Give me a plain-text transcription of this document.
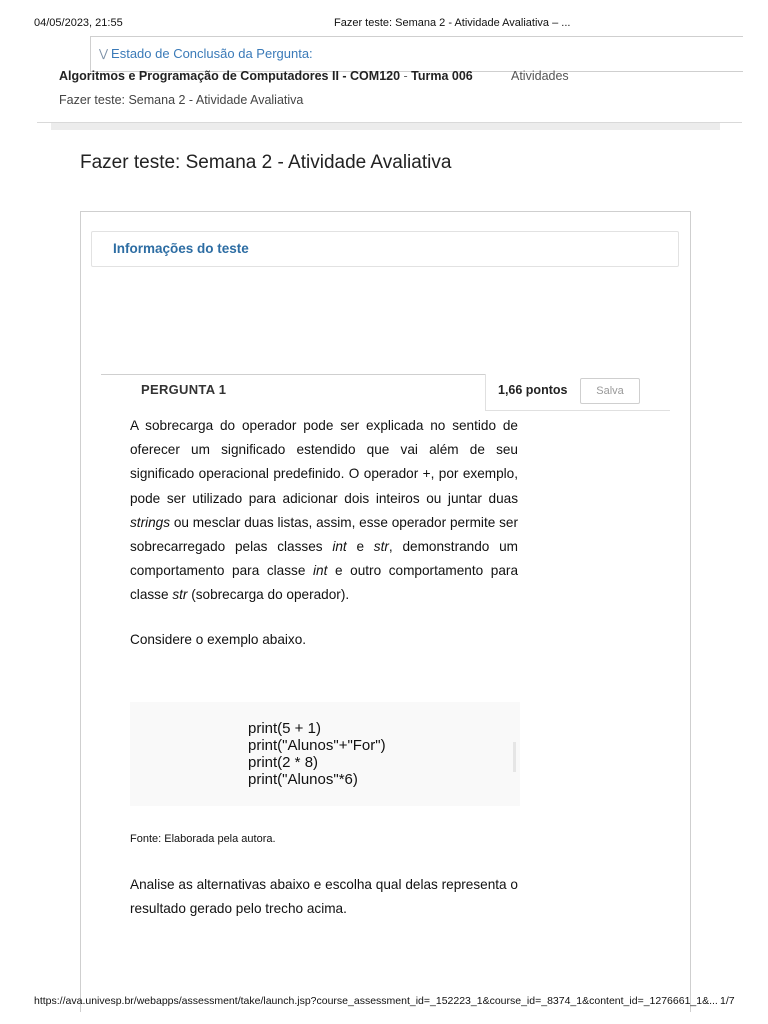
04/05/2023, 21:55	Fazer teste: Semana 2 - Atividade Avaliativa – ...
⋁ Estado de Conclusão da Pergunta:
Algoritmos e Programação de Computadores II - COM120 - Turma 006	Atividades
Fazer teste: Semana 2 - Atividade Avaliativa
Fazer teste: Semana 2 - Atividade Avaliativa
Informações do teste
PERGUNTA 1	1,66 pontos	Salva
A sobrecarga do operador pode ser explicada no sentido de oferecer um significado estendido que vai além de seu significado operacional predefinido. O operador +, por exemplo, pode ser utilizado para adicionar dois inteiros ou juntar duas strings ou mesclar duas listas, assim, esse operador permite ser sobrecarregado pelas classes int e str, demonstrando um comportamento para classe int e outro comportamento para classe str (sobrecarga do operador).
Considere o exemplo abaixo.
print(5 + 1)
print("Alunos"+"For")
print(2 * 8)
print("Alunos"*6)
Fonte: Elaborada pela autora.
Analise as alternativas abaixo e escolha qual delas representa o resultado gerado pelo trecho acima.
https://ava.univesp.br/webapps/assessment/take/launch.jsp?course_assessment_id=_152223_1&course_id=_8374_1&content_id=_1276661_1&... 1/7
